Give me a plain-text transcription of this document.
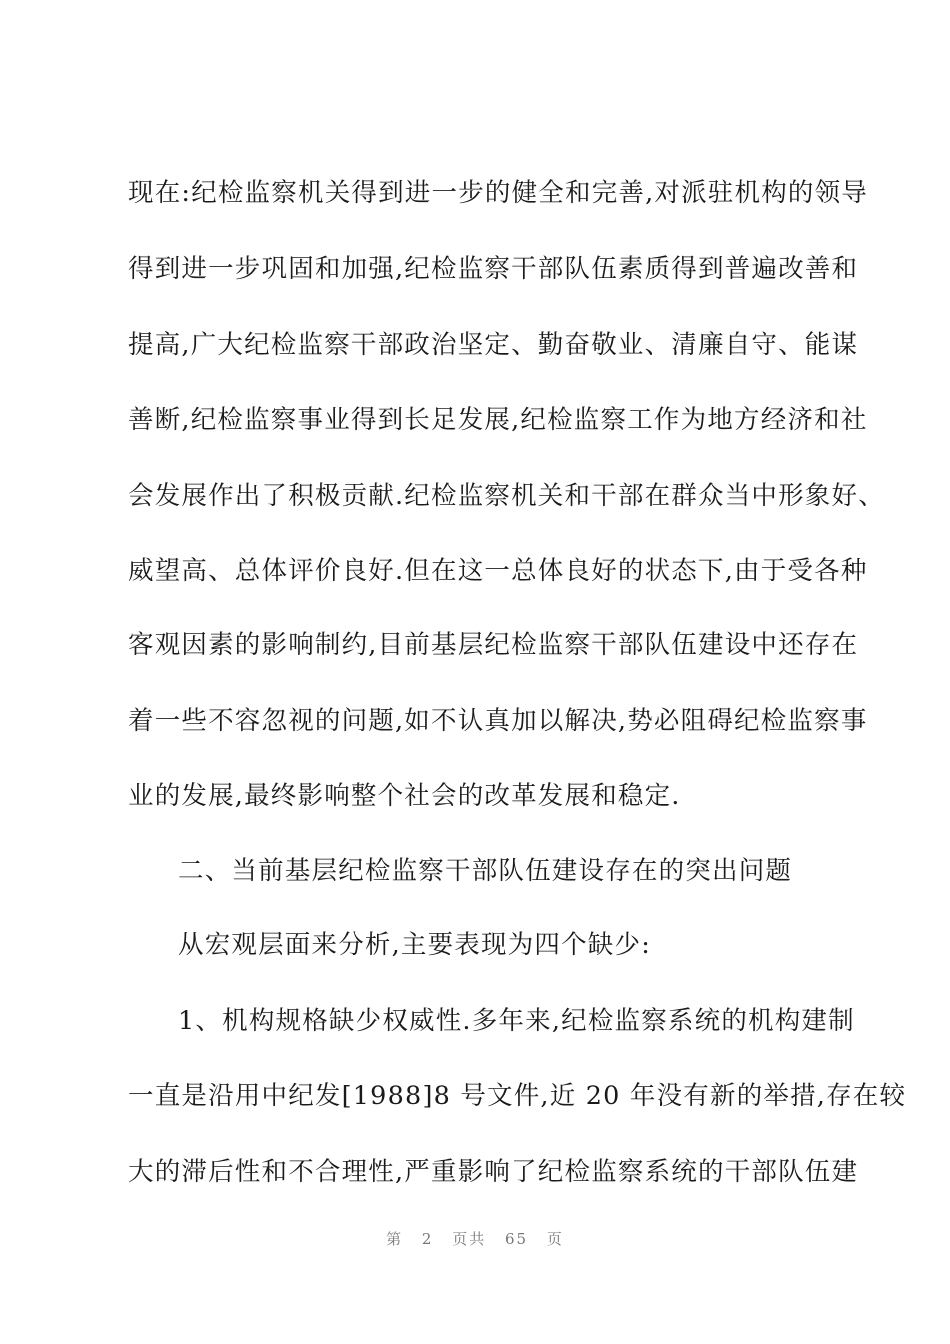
现在:纪检监察机关得到进一步的健全和完善,对派驻机构的领导
得到进一步巩固和加强,纪检监察干部队伍素质得到普遍改善和
提高,广大纪检监察干部政治坚定、勤奋敬业、清廉自守、能谋
善断,纪检监察事业得到长足发展,纪检监察工作为地方经济和社
会发展作出了积极贡献.纪检监察机关和干部在群众当中形象好、
威望高、总体评价良好.但在这一总体良好的状态下,由于受各种
客观因素的影响制约,目前基层纪检监察干部队伍建设中还存在
着一些不容忽视的问题,如不认真加以解决,势必阻碍纪检监察事
业的发展,最终影响整个社会的改革发展和稳定.
二、当前基层纪检监察干部队伍建设存在的突出问题
从宏观层面来分析,主要表现为四个缺少:
1、机构规格缺少权威性.多年来,纪检监察系统的机构建制
一直是沿用中纪发[1988]8 号文件,近 20 年没有新的举措,存在较
大的滞后性和不合理性,严重影响了纪检监察系统的干部队伍建
第 2 页共 65 页
